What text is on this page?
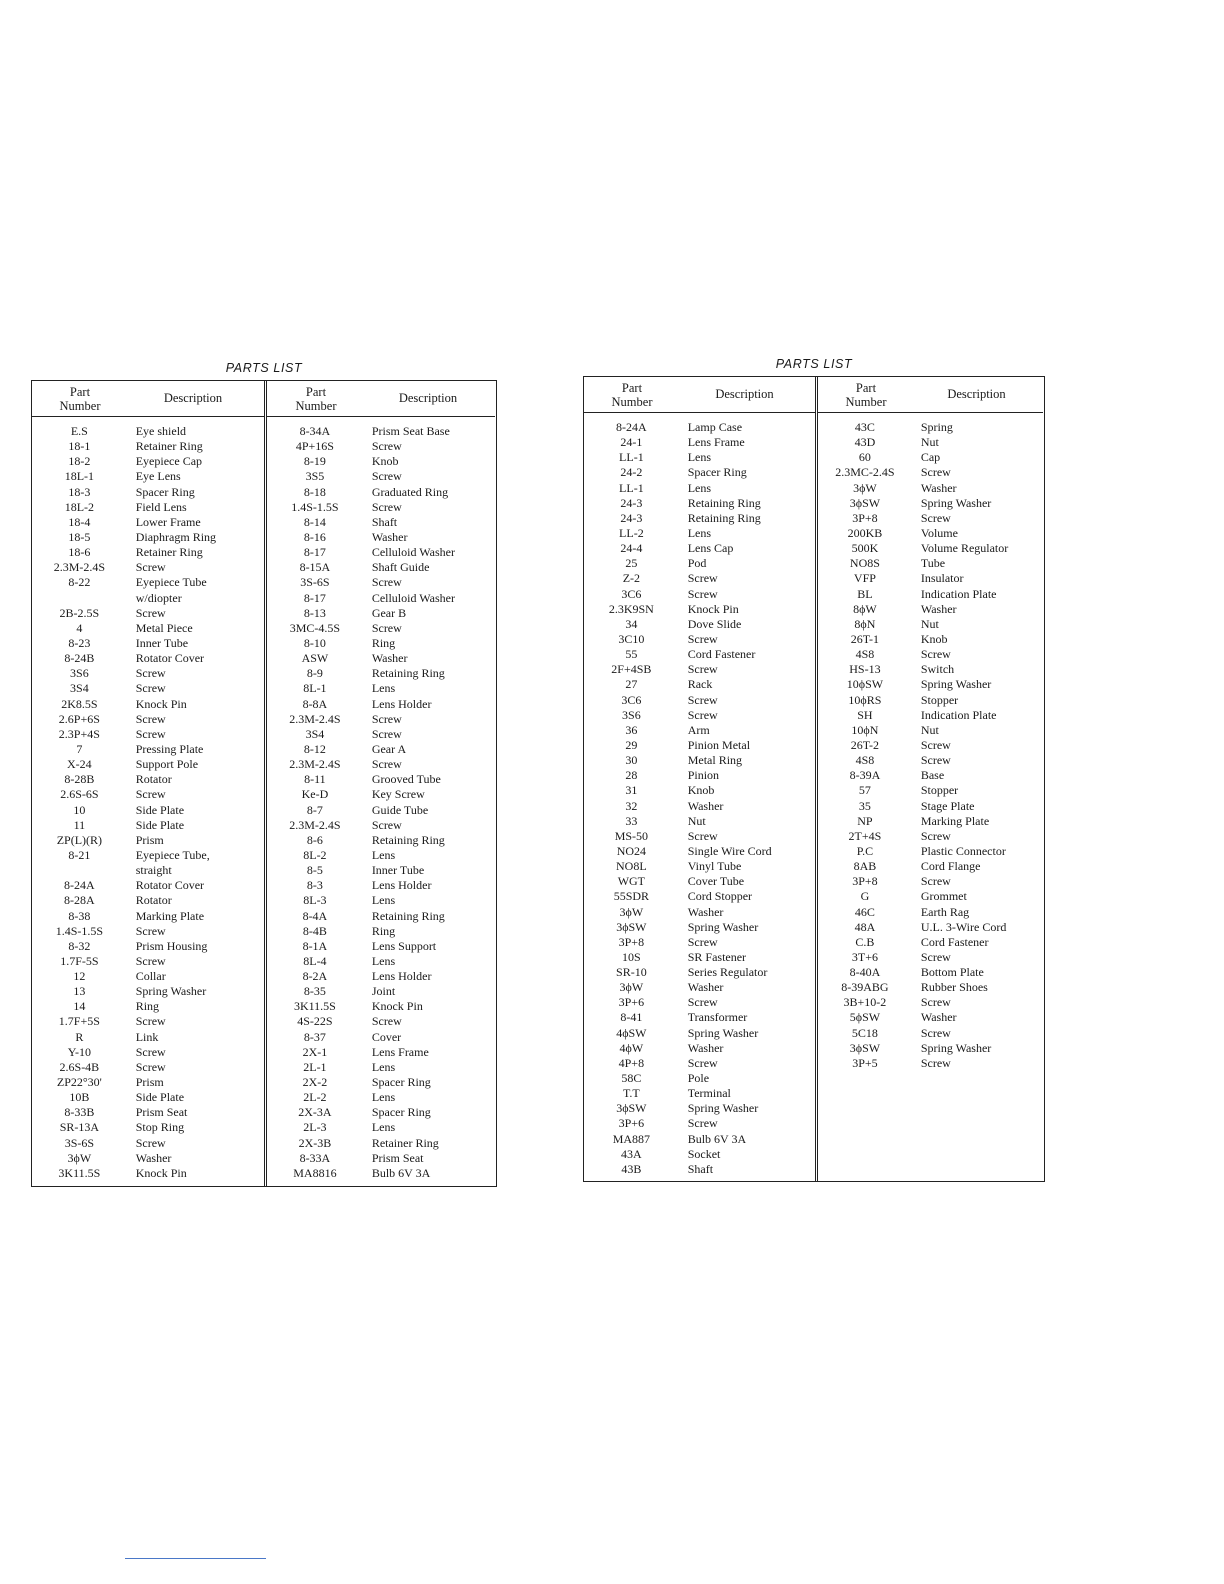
PARTS LIST
Part
Number
Description
E.S	Eye shield
18-1	Retainer Ring
18-2	Eyepiece Cap
18L-1	Eye Lens
18-3	Spacer Ring
18L-2	Field Lens
18-4	Lower Frame
18-5	Diaphragm Ring
18-6	Retainer Ring
2.3M-2.4S	Screw
8-22	Eyepiece Tube
w/diopter
2B-2.5S	Screw
4	Metal Piece
8-23	Inner Tube
8-24B	Rotator Cover
3S6	Screw
3S4	Screw
2K8.5S	Knock Pin
2.6P+6S	Screw
2.3P+4S	Screw
7	Pressing Plate
X-24	Support Pole
8-28B	Rotator
2.6S-6S	Screw
10	Side Plate
11	Side Plate
ZP(L)(R)	Prism
8-21	Eyepiece Tube,
straight
8-24A	Rotator Cover
8-28A	Rotator
8-38	Marking Plate
1.4S-1.5S	Screw
8-32	Prism Housing
1.7F-5S	Screw
12	Collar
13	Spring Washer
14	Ring
1.7F+5S	Screw
R	Link
Y-10	Screw
2.6S-4B	Screw
ZP22°30'	Prism
10B	Side Plate
8-33B	Prism Seat
SR-13A	Stop Ring
3S-6S	Screw
3ϕW	Washer
3K11.5S	Knock Pin
Part
Number
Description
8-34A	Prism Seat Base
4P+16S	Screw
8-19	Knob
3S5	Screw
8-18	Graduated Ring
1.4S-1.5S	Screw
8-14	Shaft
8-16	Washer
8-17	Celluloid Washer
8-15A	Shaft Guide
3S-6S	Screw
8-17	Celluloid Washer
8-13	Gear B
3MC-4.5S	Screw
8-10	Ring
ASW	Washer
8-9	Retaining Ring
8L-1	Lens
8-8A	Lens Holder
2.3M-2.4S	Screw
3S4	Screw
8-12	Gear A
2.3M-2.4S	Screw
8-11	Grooved Tube
Ke-D	Key Screw
8-7	Guide Tube
2.3M-2.4S	Screw
8-6	Retaining Ring
8L-2	Lens
8-5	Inner Tube
8-3	Lens Holder
8L-3	Lens
8-4A	Retaining Ring
8-4B	Ring
8-1A	Lens Support
8L-4	Lens
8-2A	Lens Holder
8-35	Joint
3K11.5S	Knock Pin
4S-22S	Screw
8-37	Cover
2X-1	Lens Frame
2L-1	Lens
2X-2	Spacer Ring
2L-2	Lens
2X-3A	Spacer Ring
2L-3	Lens
2X-3B	Retainer Ring
8-33A	Prism Seat
MA8816	Bulb 6V 3A
PARTS LIST
Part
Number
Description
8-24A	Lamp Case
24-1	Lens Frame
LL-1	Lens
24-2	Spacer Ring
LL-1	Lens
24-3	Retaining Ring
24-3	Retaining Ring
LL-2	Lens
24-4	Lens Cap
25	Pod
Z-2	Screw
3C6	Screw
2.3K9SN	Knock Pin
34	Dove Slide
3C10	Screw
55	Cord Fastener
2F+4SB	Screw
27	Rack
3C6	Screw
3S6	Screw
36	Arm
29	Pinion Metal
30	Metal Ring
28	Pinion
31	Knob
32	Washer
33	Nut
MS-50	Screw
NO24	Single Wire Cord
NO8L	Vinyl Tube
WGT	Cover Tube
55SDR	Cord Stopper
3ϕW	Washer
3ϕSW	Spring Washer
3P+8	Screw
10S	SR Fastener
SR-10	Series Regulator
3ϕW	Washer
3P+6	Screw
8-41	Transformer
4ϕSW	Spring Washer
4ϕW	Washer
4P+8	Screw
58C	Pole
T.T	Terminal
3ϕSW	Spring Washer
3P+6	Screw
MA887	Bulb 6V 3A
43A	Socket
43B	Shaft
Part
Number
Description
43C	Spring
43D	Nut
60	Cap
2.3MC-2.4S	Screw
3ϕW	Washer
3ϕSW	Spring Washer
3P+8	Screw
200KB	Volume
500K	Volume Regulator
NO8S	Tube
VFP	Insulator
BL	Indication Plate
8ϕW	Washer
8ϕN	Nut
26T-1	Knob
4S8	Screw
HS-13	Switch
10ϕSW	Spring Washer
10ϕRS	Stopper
SH	Indication Plate
10ϕN	Nut
26T-2	Screw
4S8	Screw
8-39A	Base
57	Stopper
35	Stage Plate
NP	Marking Plate
2T+4S	Screw
P.C	Plastic Connector
8AB	Cord Flange
3P+8	Screw
G	Grommet
46C	Earth Rag
48A	U.L. 3-Wire Cord
C.B	Cord Fastener
3T+6	Screw
8-40A	Bottom Plate
8-39ABG	Rubber Shoes
3B+10-2	Screw
5ϕSW	Washer
5C18	Screw
3ϕSW	Spring Washer
3P+5	Screw
